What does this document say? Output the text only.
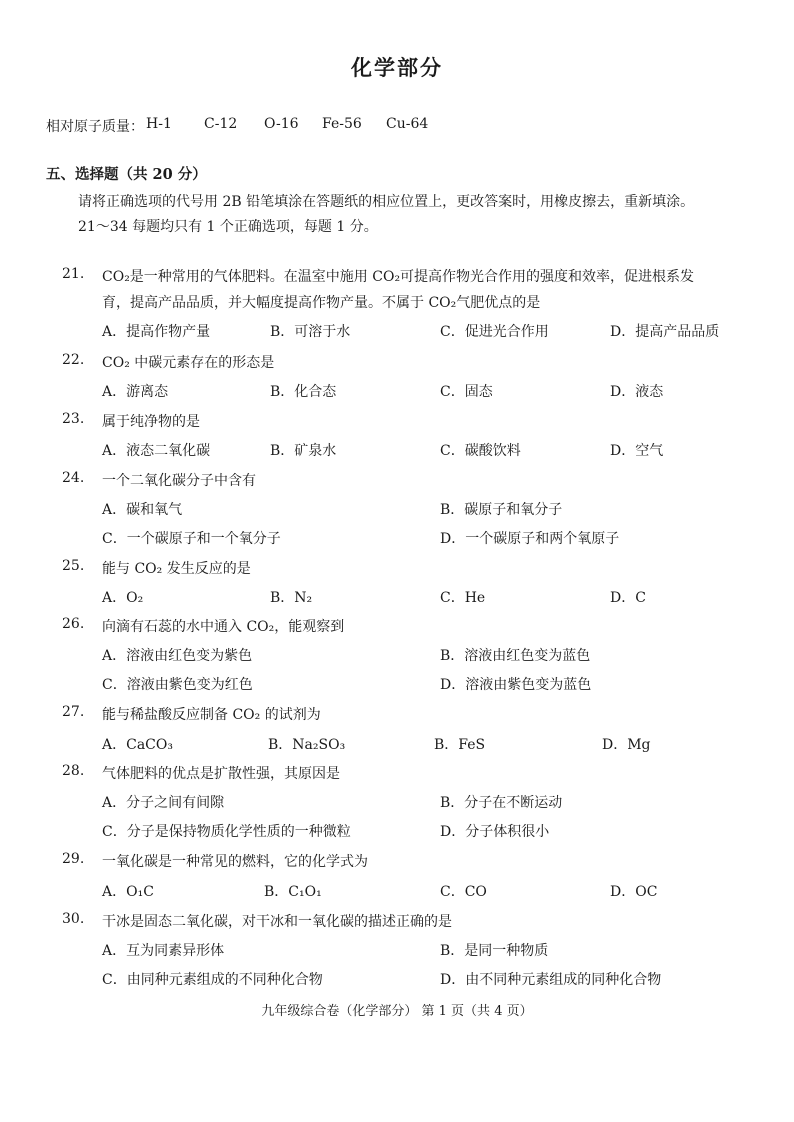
化学部分
相对原子质量： H-1	C-12	O-16	Fe-56	Cu-64
五、选择题（共 20 分）
请将正确选项的代号用 2B 铅笔填涂在答题纸的相应位置上，更改答案时，用橡皮擦去，重新填涂。
21～34 每题均只有 1 个正确选项，每题 1 分。
21.	CO₂是一种常用的气体肥料。在温室中施用 CO₂可提高作物光合作用的强度和效率，促进根系发
育，提高产品品质，并大幅度提高作物产量。不属于 CO₂气肥优点的是
A．提高作物产量	B．可溶于水	C．促进光合作用	D．提高产品品质
22.	CO₂ 中碳元素存在的形态是
A．游离态	B．化合态	C．固态	D．液态
23.	属于纯净物的是
A．液态二氧化碳	B．矿泉水	C．碳酸饮料	D．空气
24.	一个二氧化碳分子中含有
A．碳和氧气	B．碳原子和氧分子
C．一个碳原子和一个氧分子	D．一个碳原子和两个氧原子
25.	能与 CO₂ 发生反应的是
A．O₂	B．N₂	C．He	D．C
26.	向滴有石蕊的水中通入 CO₂，能观察到
A．溶液由红色变为紫色	B．溶液由红色变为蓝色
C．溶液由紫色变为红色	D．溶液由紫色变为蓝色
27.	能与稀盐酸反应制备 CO₂ 的试剂为
A．CaCO₃	B．Na₂SO₃	B．FeS	D．Mg
28.	气体肥料的优点是扩散性强，其原因是
A．分子之间有间隙	B．分子在不断运动
C．分子是保持物质化学性质的一种微粒	D．分子体积很小
29.	一氧化碳是一种常见的燃料，它的化学式为
A．O₁C	B．C₁O₁	C．CO	D．OC
30.	干冰是固态二氧化碳，对干冰和一氧化碳的描述正确的是
A．互为同素异形体	B．是同一种物质
C．由同种元素组成的不同种化合物	D．由不同种元素组成的同种化合物
九年级综合卷（化学部分） 第 1 页（共 4 页）
